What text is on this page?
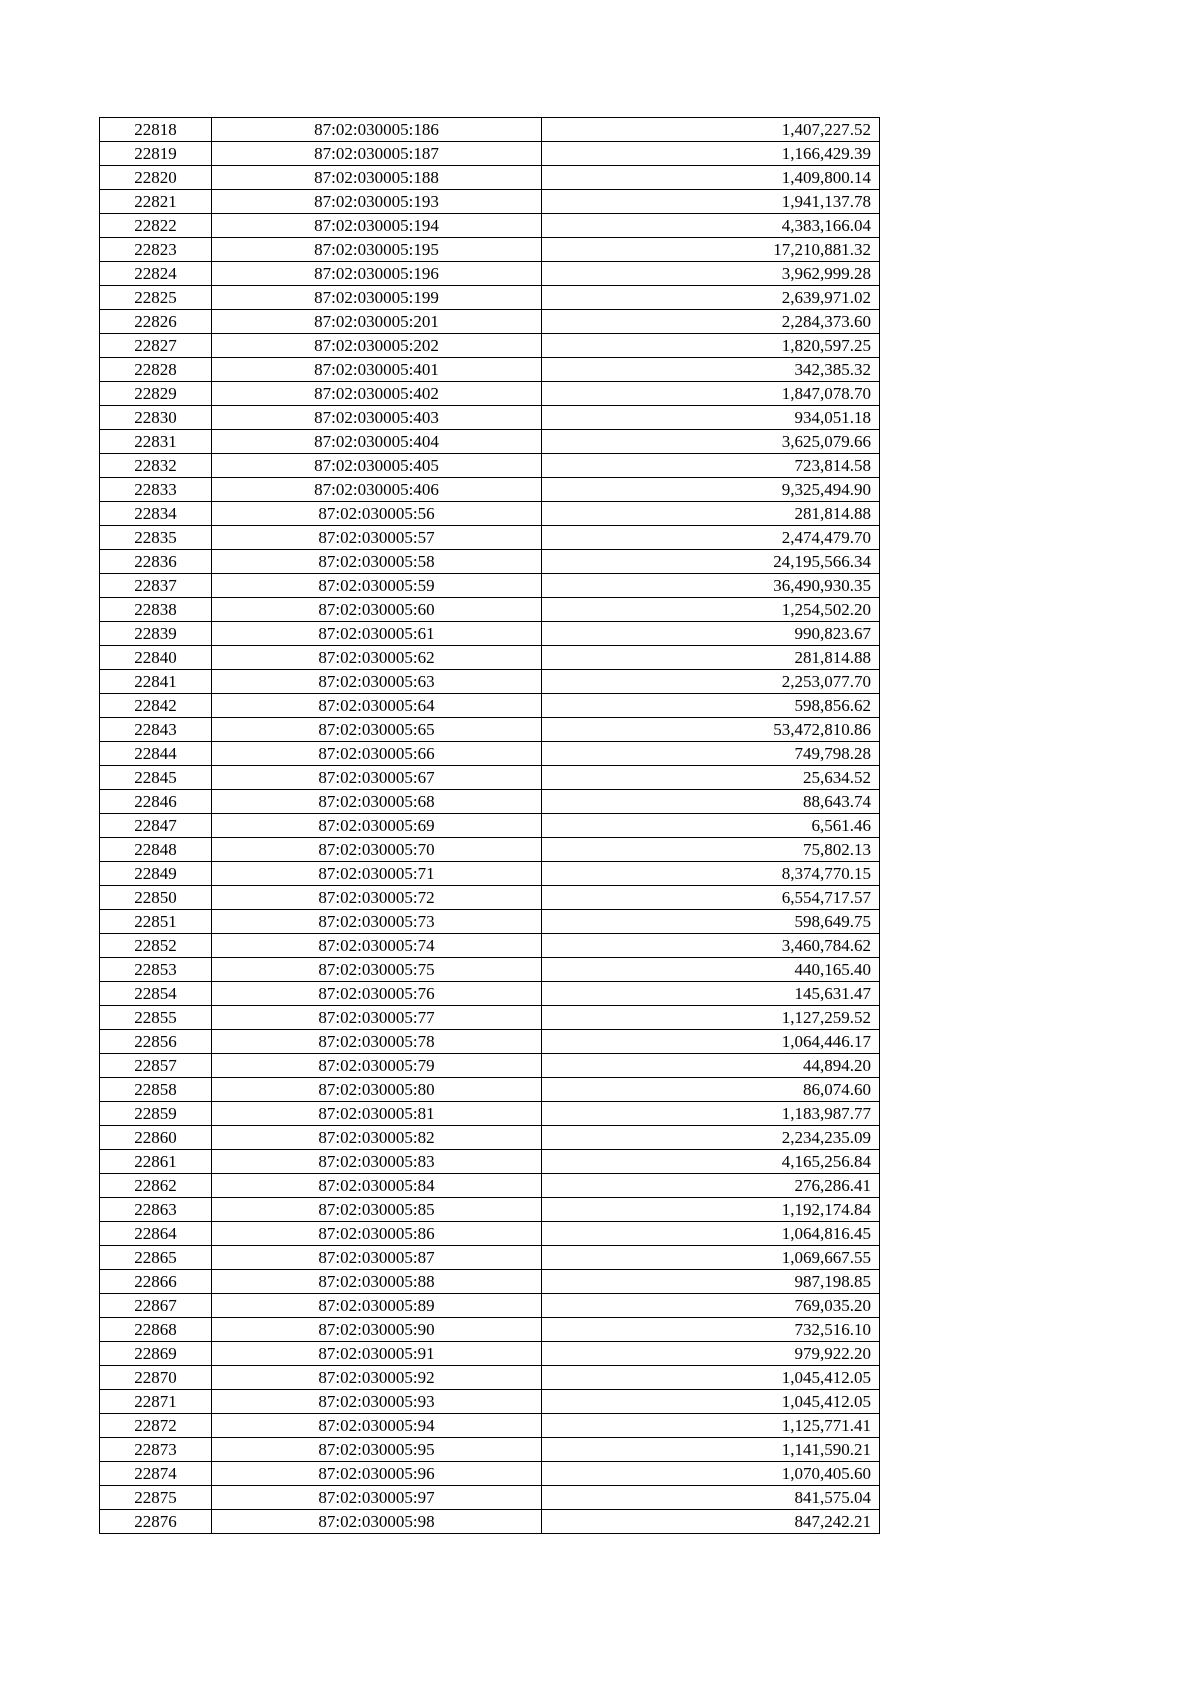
22818	87:02:030005:186	1,407,227.52
22819	87:02:030005:187	1,166,429.39
22820	87:02:030005:188	1,409,800.14
22821	87:02:030005:193	1,941,137.78
22822	87:02:030005:194	4,383,166.04
22823	87:02:030005:195	17,210,881.32
22824	87:02:030005:196	3,962,999.28
22825	87:02:030005:199	2,639,971.02
22826	87:02:030005:201	2,284,373.60
22827	87:02:030005:202	1,820,597.25
22828	87:02:030005:401	342,385.32
22829	87:02:030005:402	1,847,078.70
22830	87:02:030005:403	934,051.18
22831	87:02:030005:404	3,625,079.66
22832	87:02:030005:405	723,814.58
22833	87:02:030005:406	9,325,494.90
22834	87:02:030005:56	281,814.88
22835	87:02:030005:57	2,474,479.70
22836	87:02:030005:58	24,195,566.34
22837	87:02:030005:59	36,490,930.35
22838	87:02:030005:60	1,254,502.20
22839	87:02:030005:61	990,823.67
22840	87:02:030005:62	281,814.88
22841	87:02:030005:63	2,253,077.70
22842	87:02:030005:64	598,856.62
22843	87:02:030005:65	53,472,810.86
22844	87:02:030005:66	749,798.28
22845	87:02:030005:67	25,634.52
22846	87:02:030005:68	88,643.74
22847	87:02:030005:69	6,561.46
22848	87:02:030005:70	75,802.13
22849	87:02:030005:71	8,374,770.15
22850	87:02:030005:72	6,554,717.57
22851	87:02:030005:73	598,649.75
22852	87:02:030005:74	3,460,784.62
22853	87:02:030005:75	440,165.40
22854	87:02:030005:76	145,631.47
22855	87:02:030005:77	1,127,259.52
22856	87:02:030005:78	1,064,446.17
22857	87:02:030005:79	44,894.20
22858	87:02:030005:80	86,074.60
22859	87:02:030005:81	1,183,987.77
22860	87:02:030005:82	2,234,235.09
22861	87:02:030005:83	4,165,256.84
22862	87:02:030005:84	276,286.41
22863	87:02:030005:85	1,192,174.84
22864	87:02:030005:86	1,064,816.45
22865	87:02:030005:87	1,069,667.55
22866	87:02:030005:88	987,198.85
22867	87:02:030005:89	769,035.20
22868	87:02:030005:90	732,516.10
22869	87:02:030005:91	979,922.20
22870	87:02:030005:92	1,045,412.05
22871	87:02:030005:93	1,045,412.05
22872	87:02:030005:94	1,125,771.41
22873	87:02:030005:95	1,141,590.21
22874	87:02:030005:96	1,070,405.60
22875	87:02:030005:97	841,575.04
22876	87:02:030005:98	847,242.21
